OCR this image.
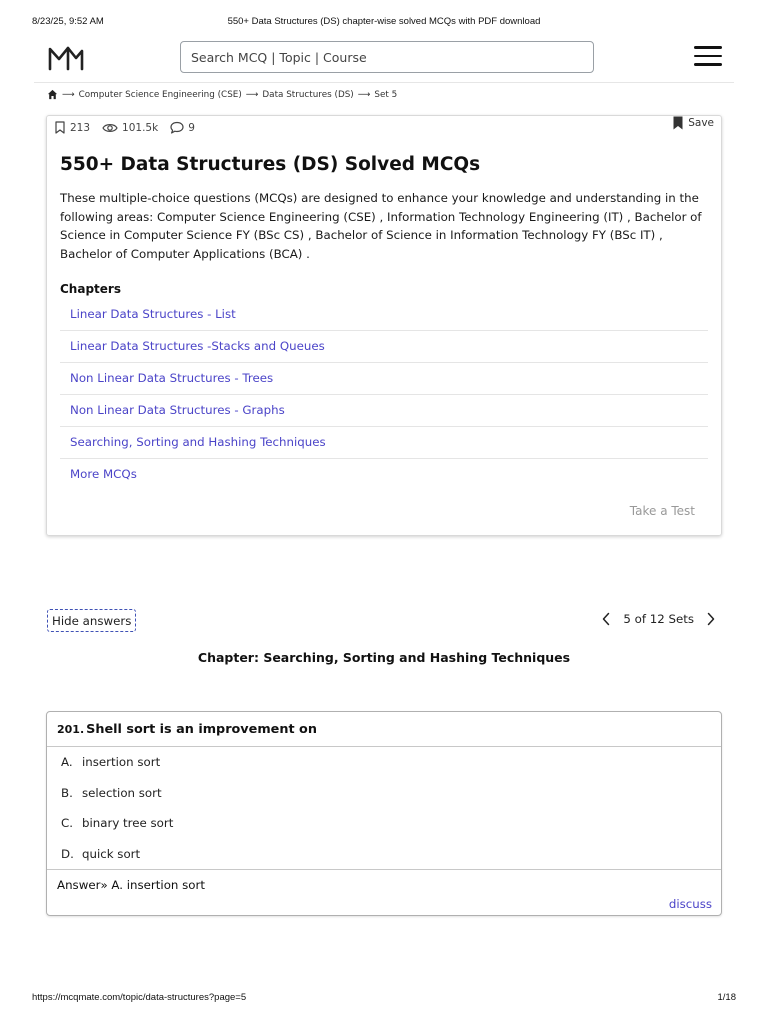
8/23/25, 9:52 AM	550+ Data Structures (DS) chapter-wise solved MCQs with PDF download
Search MCQ | Topic | Course
⟶ Computer Science Engineering (CSE) ⟶ Data Structures (DS) ⟶ Set 5
213	101.5k	9	Save
550+ Data Structures (DS) Solved MCQs

These multiple-choice questions (MCQs) are designed to enhance your knowledge and understanding in the following areas: Computer Science Engineering (CSE) , Information Technology Engineering (IT) , Bachelor of Science in Computer Science FY (BSc CS) , Bachelor of Science in Information Technology FY (BSc IT) , Bachelor of Computer Applications (BCA) .

Chapters
Linear Data Structures - List
Linear Data Structures -Stacks and Queues
Non Linear Data Structures - Trees
Non Linear Data Structures - Graphs
Searching, Sorting and Hashing Techniques
More MCQs
Take a Test
Hide answers	5 of 12 Sets
Chapter: Searching, Sorting and Hashing Techniques
201. Shell sort is an improvement on
A. insertion sort
B. selection sort
C. binary tree sort
D. quick sort
Answer» A. insertion sort
discuss
https://mcqmate.com/topic/data-structures?page=5	1/18
